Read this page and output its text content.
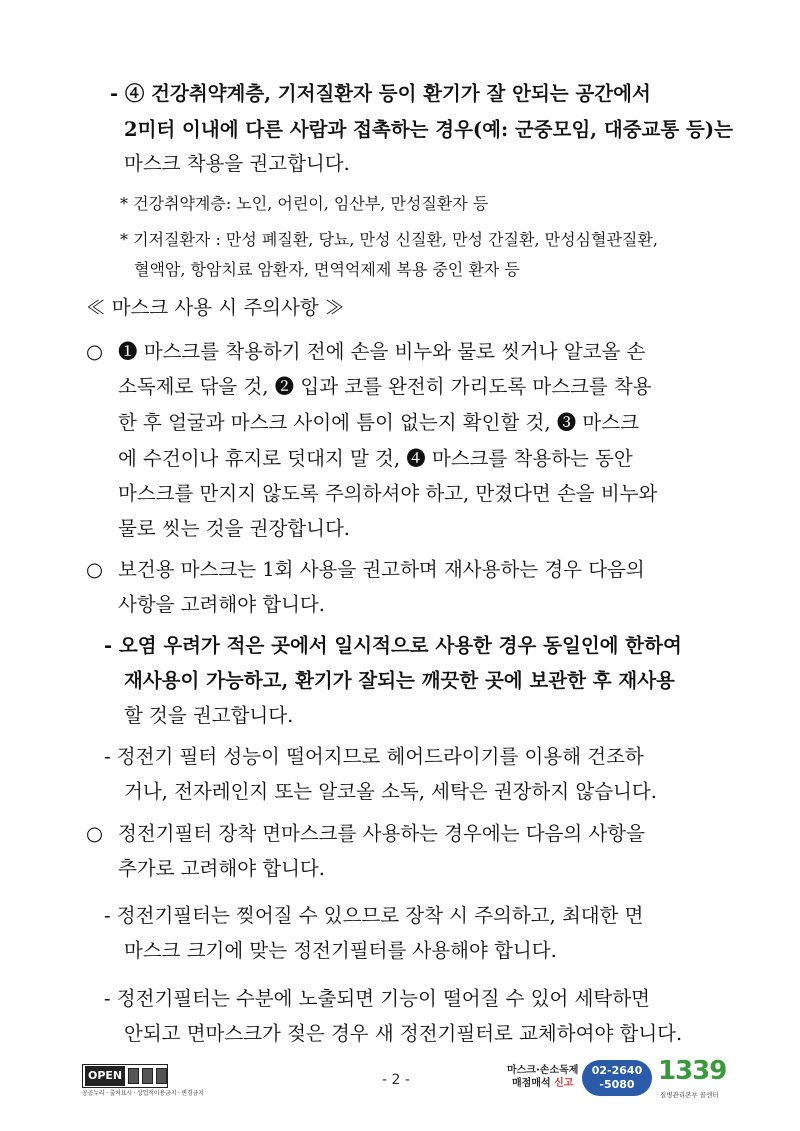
- ④ 건강취약계층, 기저질환자 등이 환기가 잘 안되는 공간에서
2미터 이내에 다른 사람과 접촉하는 경우(예: 군중모임, 대중교통 등)는
마스크 착용을 권고합니다.
* 건강취약계층: 노인, 어린이, 임산부, 만성질환자 등
* 기저질환자 : 만성 폐질환, 당뇨, 만성 신질환, 만성 간질환, 만성심혈관질환,
혈액암, 항암치료 암환자, 면역억제제 복용 중인 환자 등
≪ 마스크 사용 시 주의사항 ≫
○ ❶ 마스크를 착용하기 전에 손을 비누와 물로 씻거나 알코올 손
소독제로 닦을 것, ❷ 입과 코를 완전히 가리도록 마스크를 착용
한 후 얼굴과 마스크 사이에 틈이 없는지 확인할 것, ❸ 마스크
에 수건이나 휴지로 덧대지 말 것, ❹ 마스크를 착용하는 동안
마스크를 만지지 않도록 주의하셔야 하고, 만졌다면 손을 비누와
물로 씻는 것을 권장합니다.
○ 보건용 마스크는 1회 사용을 권고하며 재사용하는 경우 다음의
사항을 고려해야 합니다.
- 오염 우려가 적은 곳에서 일시적으로 사용한 경우 동일인에 한하여
재사용이 가능하고, 환기가 잘되는 깨끗한 곳에 보관한 후 재사용
할 것을 권고합니다.
- 정전기 필터 성능이 떨어지므로 헤어드라이기를 이용해 건조하
거나, 전자레인지 또는 알코올 소독, 세탁은 권장하지 않습니다.
○ 정전기필터 장착 면마스크를 사용하는 경우에는 다음의 사항을
추가로 고려해야 합니다.
- 정전기필터는 찢어질 수 있으므로 장착 시 주의하고, 최대한 면
마스크 크기에 맞는 정전기필터를 사용해야 합니다.
- 정전기필터는 수분에 노출되면 기능이 떨어질 수 있어 세탁하면
안되고 면마스크가 젖은 경우 새 정전기필터로 교체하여야 합니다.
OPEN
공공누리 · 출처표시 · 상업적이용금지 · 변경금지
- 2 -
마스크·손소독제
매점매석 신고
02-2640
-5080 1339
질병관리본부 콜센터
